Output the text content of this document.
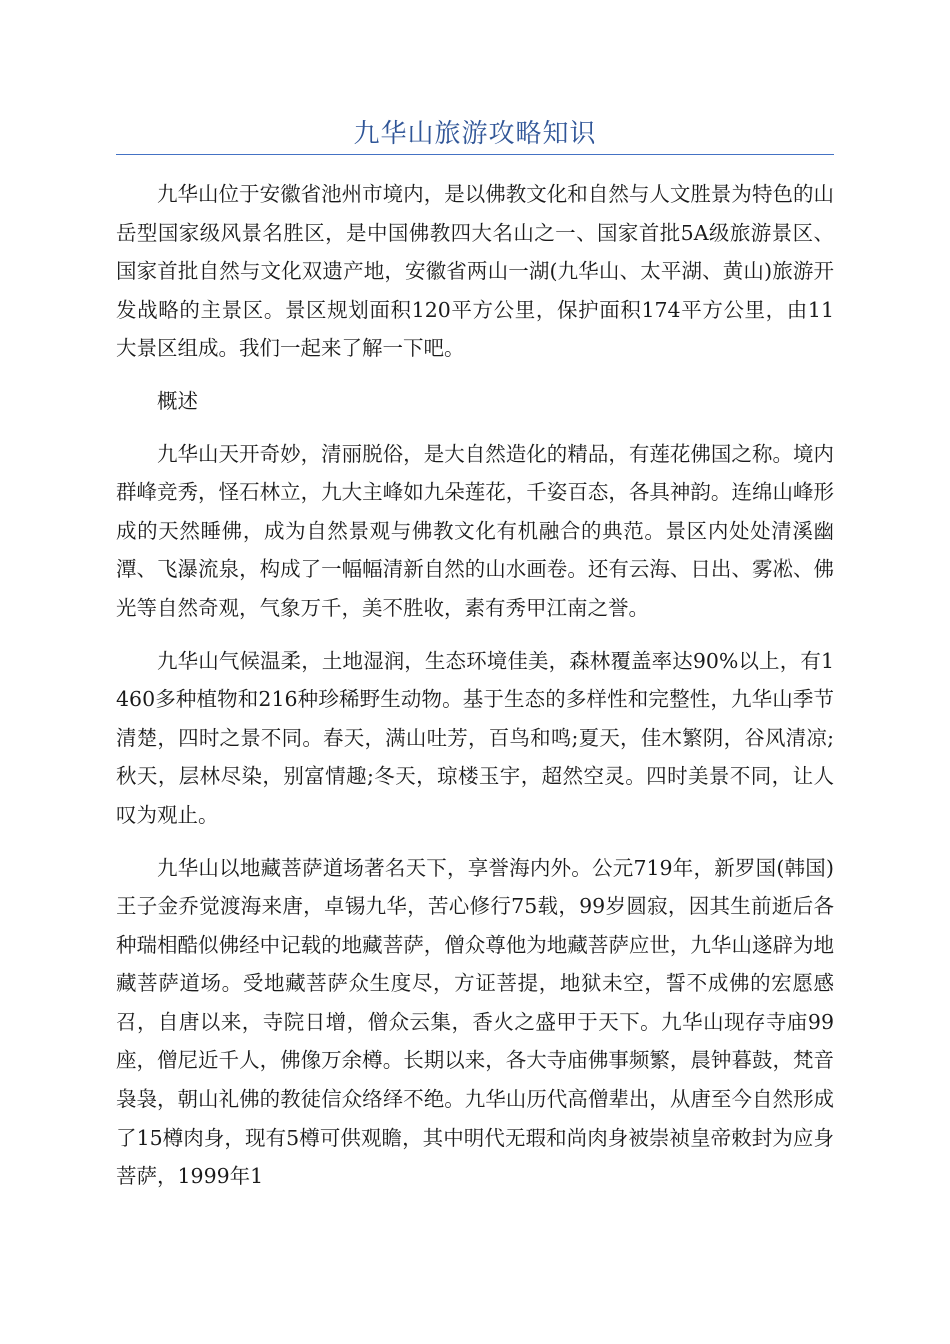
九华山旅游攻略知识

九华山位于安徽省池州市境内，是以佛教文化和自然与人文胜景为特色的山岳型国家级风景名胜区，是中国佛教四大名山之一、国家首批5A级旅游景区、国家首批自然与文化双遗产地，安徽省两山一湖(九华山、太平湖、黄山)旅游开发战略的主景区。景区规划面积120平方公里，保护面积174平方公里，由11大景区组成。我们一起来了解一下吧。

概述

九华山天开奇妙，清丽脱俗，是大自然造化的精品，有莲花佛国之称。境内群峰竞秀，怪石林立，九大主峰如九朵莲花，千姿百态，各具神韵。连绵山峰形成的天然睡佛，成为自然景观与佛教文化有机融合的典范。景区内处处清溪幽潭、飞瀑流泉，构成了一幅幅清新自然的山水画卷。还有云海、日出、雾凇、佛光等自然奇观，气象万千，美不胜收，素有秀甲江南之誉。

九华山气候温柔，土地湿润，生态环境佳美，森林覆盖率达90%以上，有1460多种植物和216种珍稀野生动物。基于生态的多样性和完整性，九华山季节清楚，四时之景不同。春天，满山吐芳，百鸟和鸣;夏天，佳木繁阴，谷风清凉;秋天，层林尽染，别富情趣;冬天，琼楼玉宇，超然空灵。四时美景不同，让人叹为观止。

九华山以地藏菩萨道场著名天下，享誉海内外。公元719年，新罗国(韩国)王子金乔觉渡海来唐，卓锡九华，苦心修行75载，99岁圆寂，因其生前逝后各种瑞相酷似佛经中记载的地藏菩萨，僧众尊他为地藏菩萨应世，九华山遂辟为地藏菩萨道场。受地藏菩萨众生度尽，方证菩提，地狱未空，誓不成佛的宏愿感召，自唐以来，寺院日增，僧众云集，香火之盛甲于天下。九华山现存寺庙99座，僧尼近千人，佛像万余樽。长期以来，各大寺庙佛事频繁，晨钟暮鼓，梵音袅袅，朝山礼佛的教徒信众络绎不绝。九华山历代高僧辈出，从唐至今自然形成了15樽肉身，现有5樽可供观瞻，其中明代无瑕和尚肉身被崇祯皇帝敕封为应身菩萨，1999年1
